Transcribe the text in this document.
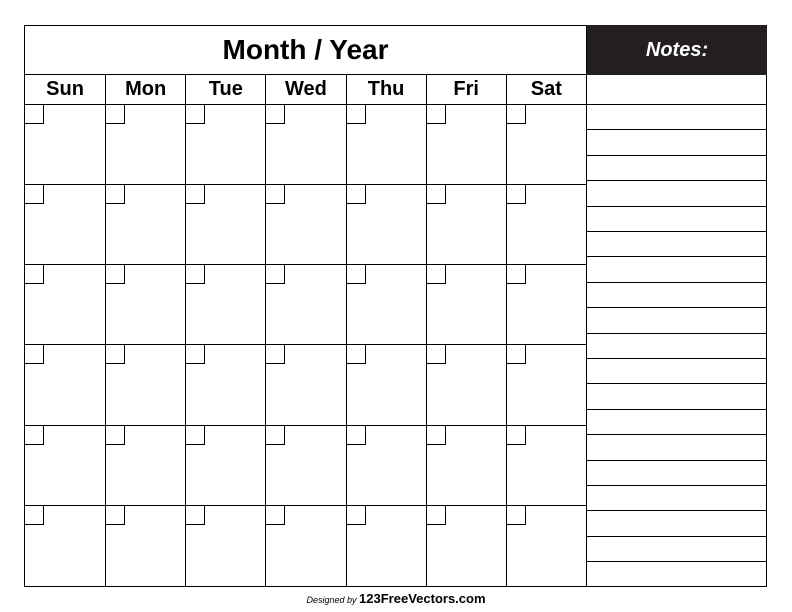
Month / Year	Notes:
Sun	Mon	Tue	Wed	Thu	Fri	Sat
Designed by 123FreeVectors.com
